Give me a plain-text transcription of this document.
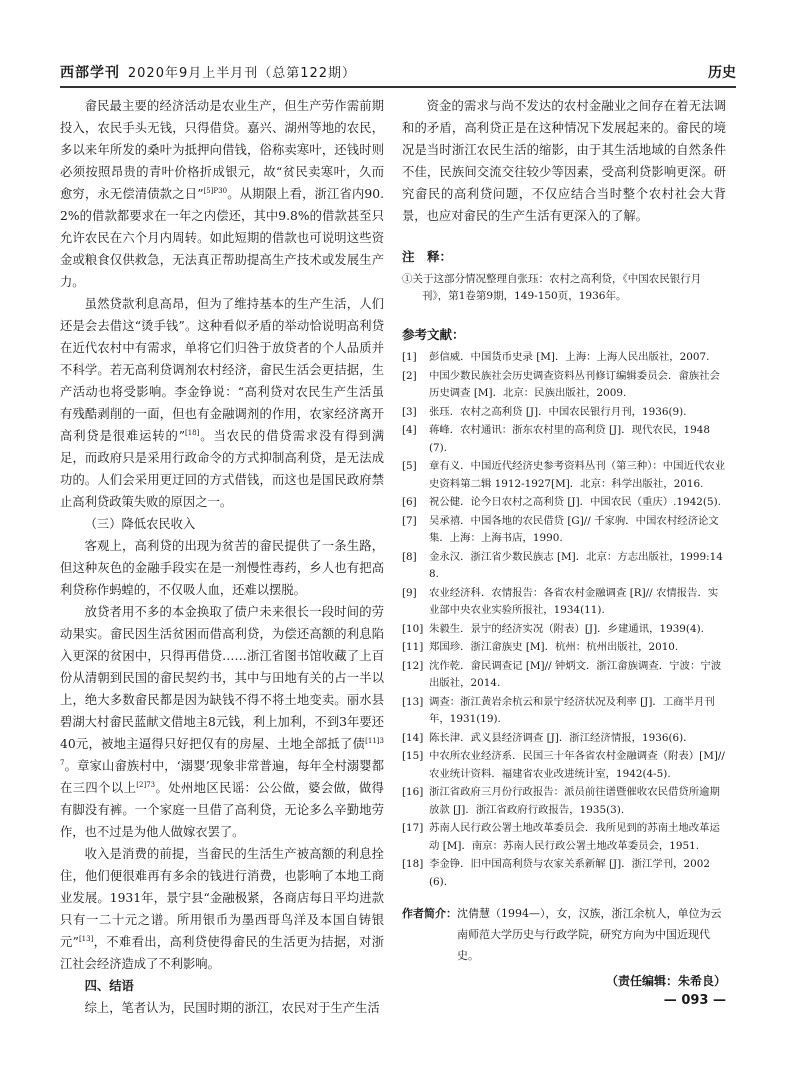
西部学刊 2020年9月上半月刊（总第122期）	历史

畲民最主要的经济活动是农业生产，但生产劳作需前期投入，农民手头无钱，只得借贷。嘉兴、湖州等地的农民，多以来年所发的桑叶为抵押向借钱，俗称卖寒叶，还钱时则必须按照昂贵的青叶价格折成银元，故“贫民卖寒叶，久而愈穷，永无偿清债款之日”$^{[5]P30}$。从期限上看，浙江省内90.2%的借款都要求在一年之内偿还，其中9.8%的借款甚至只允许农民在六个月内周转。如此短期的借款也可说明这些资金或粮食仅供救急，无法真正帮助提高生产技术或发展生产力。

虽然贷款利息高昂，但为了维持基本的生产生活，人们还是会去借这“烫手钱”。这种看似矛盾的举动恰说明高利贷在近代农村中有需求，单将它们归咎于放贷者的个人品质并不科学。若无高利贷调剂农村经济，畲民生活会更拮据，生产活动也将受影响。李金铮说：“高利贷对农民生产生活虽有残酷剥削的一面，但也有金融调剂的作用，农家经济离开高利贷是很难运转的”[18]。当农民的借贷需求没有得到满足，而政府只是采用行政命令的方式抑制高利贷，是无法成功的。人们会采用更迂回的方式借钱，而这也是国民政府禁止高利贷政策失败的原因之一。

（三）降低农民收入

客观上，高利贷的出现为贫苦的畲民提供了一条生路，但这种灰色的金融手段实在是一剂慢性毒药，乡人也有把高利贷称作蚂蝗的，不仅吸人血，还难以摆脱。

放贷者用不多的本金换取了债户未来很长一段时间的劳动果实。畲民因生活贫困而借高利贷，为偿还高额的利息陷入更深的贫困中，只得再借贷……浙江省图书馆收藏了上百份从清朝到民国的畲民契约书，其中与田地有关的占一半以上，绝大多数畲民都是因为缺钱不得不将土地变卖。丽水县碧湖大村畲民蓝献文借地主8元钱，利上加利，不到3年要还40元，被地主逼得只好把仅有的房屋、土地全部抵了债$^{[11]37}$。章家山畲族村中，‘溺婴’现象非常普遍，每年全村溺婴都在三四个以上$^{[2]73}$。处州地区民谣：公公做，婆会做，做得有脚没有裤。一个家庭一旦借了高利贷，无论多么辛勤地劳作，也不过是为他人做嫁衣罢了。

收入是消费的前提，当畲民的生活生产被高额的利息拴住，他们便很难再有多余的钱进行消费，也影响了本地工商业发展。1931年，景宁县“金融极紧，各商店每日平均进款只有一二十元之谱。所用银币为墨西哥鸟洋及本国自铸银元”[13]，不难看出，高利贷使得畲民的生活更为拮据，对浙江社会经济造成了不利影响。

四、结语

综上，笔者认为，民国时期的浙江，农民对于生产生活

资金的需求与尚不发达的农村金融业之间存在着无法调和的矛盾，高利贷正是在这种情况下发展起来的。畲民的境况是当时浙江农民生活的缩影，由于其生活地域的自然条件不佳，民族间交流交往较少等因素，受高利贷影响更深。研究畲民的高利贷问题，不仅应结合当时整个农村社会大背景，也应对畲民的生产生活有更深入的了解。

注　释：

①关于这部分情况整理自张珏：农村之高利贷，《中国农民银行月刊》，第1卷第9期，149-150页，1936年。

参考文献：
[1] 彭信威．中国货币史录 [M]．上海：上海人民出版社，2007.
[2] 中国少数民族社会历史调查资料丛刊修订编辑委员会．畲族社会历史调查 [M]．北京：民族出版社，2009.
[3] 张珏．农村之高利贷 [J]．中国农民银行月刊，1936(9).
[4] 蒋峰．农村通讯：浙东农村里的高利贷 [J]．现代农民，1948(7).
[5] 章有义．中国近代经济史参考资料丛刊（第三种）：中国近代农业史资料第二辑 1912-1927[M]．北京：科学出版社，2016.
[6] 祝公健．论今日农村之高利贷 [J]．中国农民（重庆）.1942(5).
[7] 吴承禧．中国各地的农民借贷 [G]// 千家驹．中国农村经济论文集．上海：上海书店，1990.
[8] 金永汉．浙江省少数民族志 [M]．北京：方志出版社，1999:148.
[9] 农业经济科．农情报告：各省农村金融调查 [R]// 农情报告．实业部中央农业实验所报社，1934(11).
[10] 朱毅生．景宁的经济实况（附表）[J]．乡建通讯，1939(4).
[11] 郑国珍．浙江畲族史 [M]．杭州：杭州出版社，2010.
[12] 沈作乾．畲民调查记 [M]// 钟炳文．浙江畲族调查．宁波：宁波出版社，2014.
[13] 调查：浙江黄岩余杭云和景宁经济状况及利率 [J]．工商半月刊年，1931(19).
[14] 陈长津．武义县经济调查 [J]．浙江经济情报，1936(6)．
[15] 中农所农业经济系．民国三十年各省农村金融调查（附表）[M]// 农业统计资料．福建省农业改进统计室，1942(4-5).
[16] 浙江省政府三月份行政报告：派员前往谱暨催收农民借贷所逾期放款 [J]．浙江省政府行政报告，1935(3).
[17] 苏南人民行政公署土地改革委员会．我所见到的苏南土地改革运动 [M]．南京：苏南人民行政公署土地改革委员会，1951.
[18] 李金铮．旧中国高利贷与农家关系新解 [J]．浙江学刊，2002(6).
作者简介： 沈倩慧（1994—），女，汉族，浙江余杭人，单位为云南师范大学历史与行政学院，研究方向为中国近现代史。
（责任编辑：朱希良）
— 093 —
